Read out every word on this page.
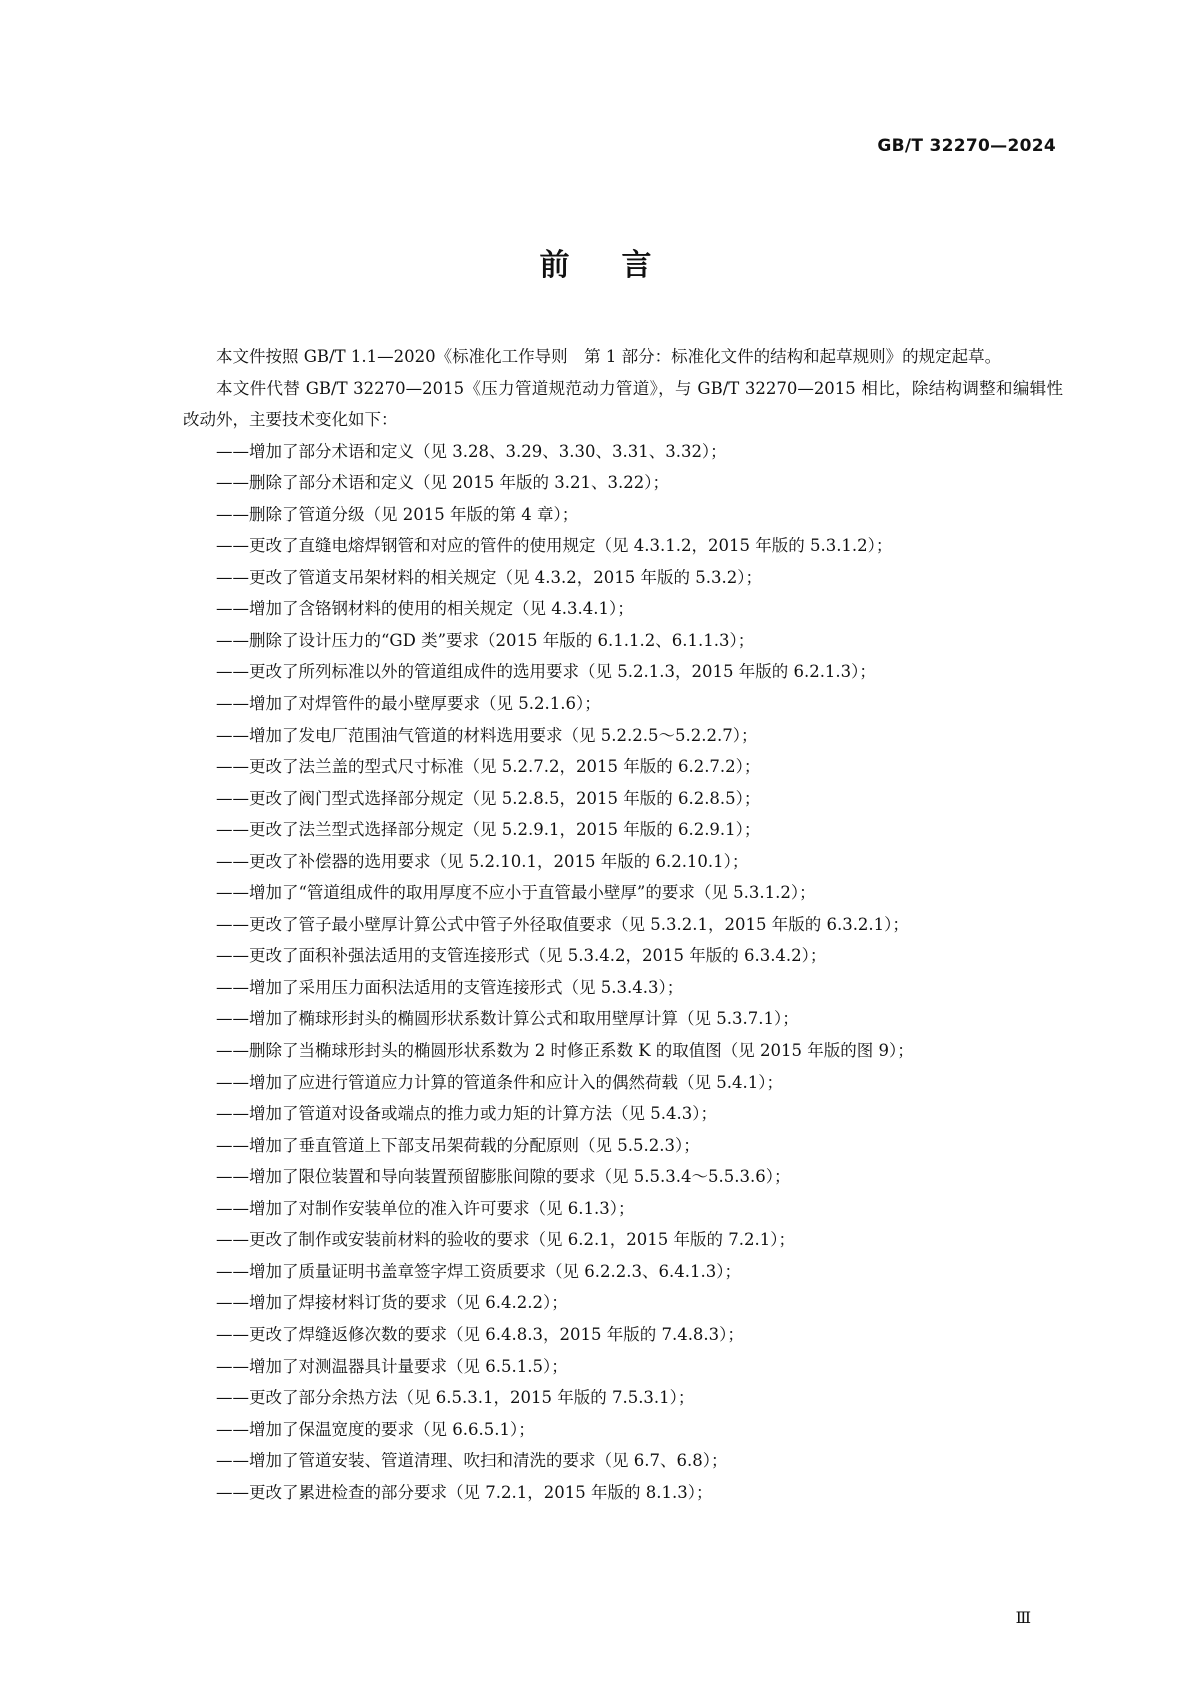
GB/T 32270—2024
前言

本文件按照 GB/T 1.1—2020《标准化工作导则　第 1 部分：标准化文件的结构和起草规则》的规定起草。

本文件代替 GB/T 32270—2015《压力管道规范动力管道》，与 GB/T 32270—2015 相比，除结构调整和编辑性改动外，主要技术变化如下：

——增加了部分术语和定义（见 3.28、3.29、3.30、3.31、3.32）；
——删除了部分术语和定义（见 2015 年版的 3.21、3.22）；
——删除了管道分级（见 2015 年版的第 4 章）；
——更改了直缝电熔焊钢管和对应的管件的使用规定（见 4.3.1.2，2015 年版的 5.3.1.2）；
——更改了管道支吊架材料的相关规定（见 4.3.2，2015 年版的 5.3.2）；
——增加了含铬钢材料的使用的相关规定（见 4.3.4.1）；
——删除了设计压力的“GD 类”要求（2015 年版的 6.1.1.2、6.1.1.3）；
——更改了所列标准以外的管道组成件的选用要求（见 5.2.1.3，2015 年版的 6.2.1.3）；
——增加了对焊管件的最小壁厚要求（见 5.2.1.6）；
——增加了发电厂范围油气管道的材料选用要求（见 5.2.2.5～5.2.2.7）；
——更改了法兰盖的型式尺寸标准（见 5.2.7.2，2015 年版的 6.2.7.2）；
——更改了阀门型式选择部分规定（见 5.2.8.5，2015 年版的 6.2.8.5）；
——更改了法兰型式选择部分规定（见 5.2.9.1，2015 年版的 6.2.9.1）；
——更改了补偿器的选用要求（见 5.2.10.1，2015 年版的 6.2.10.1）；
——增加了“管道组成件的取用厚度不应小于直管最小壁厚”的要求（见 5.3.1.2）；
——更改了管子最小壁厚计算公式中管子外径取值要求（见 5.3.2.1，2015 年版的 6.3.2.1）；
——更改了面积补强法适用的支管连接形式（见 5.3.4.2，2015 年版的 6.3.4.2）；
——增加了采用压力面积法适用的支管连接形式（见 5.3.4.3）；
——增加了椭球形封头的椭圆形状系数计算公式和取用壁厚计算（见 5.3.7.1）；
——删除了当椭球形封头的椭圆形状系数为 2 时修正系数 K 的取值图（见 2015 年版的图 9）；
——增加了应进行管道应力计算的管道条件和应计入的偶然荷载（见 5.4.1）；
——增加了管道对设备或端点的推力或力矩的计算方法（见 5.4.3）；
——增加了垂直管道上下部支吊架荷载的分配原则（见 5.5.2.3）；
——增加了限位装置和导向装置预留膨胀间隙的要求（见 5.5.3.4～5.5.3.6）；
——增加了对制作安装单位的准入许可要求（见 6.1.3）；
——更改了制作或安装前材料的验收的要求（见 6.2.1，2015 年版的 7.2.1）；
——增加了质量证明书盖章签字焊工资质要求（见 6.2.2.3、6.4.1.3）；
——增加了焊接材料订货的要求（见 6.4.2.2）；
——更改了焊缝返修次数的要求（见 6.4.8.3，2015 年版的 7.4.8.3）；
——增加了对测温器具计量要求（见 6.5.1.5）；
——更改了部分余热方法（见 6.5.3.1，2015 年版的 7.5.3.1）；
——增加了保温宽度的要求（见 6.6.5.1）；
——增加了管道安装、管道清理、吹扫和清洗的要求（见 6.7、6.8）；
——更改了累进检查的部分要求（见 7.2.1，2015 年版的 8.1.3）；
Ⅲ
